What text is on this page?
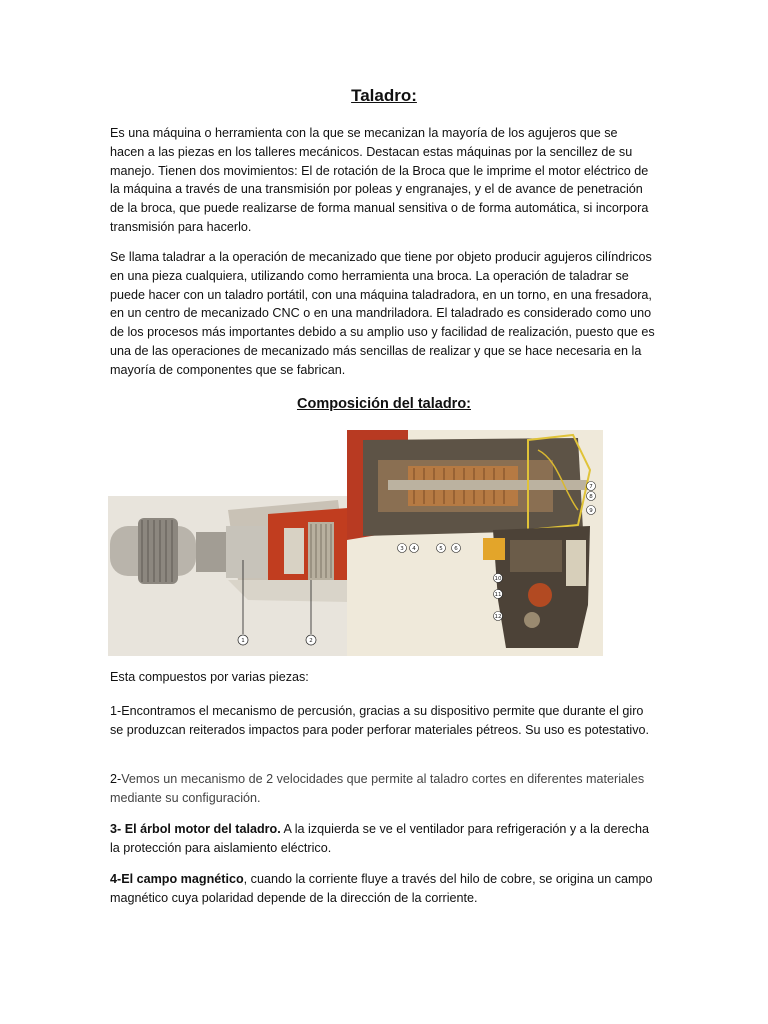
Taladro:

Es una máquina o herramienta con la que se mecanizan la mayoría de los agujeros que se hacen a las piezas en los talleres mecánicos. Destacan estas máquinas por la sencillez de su manejo. Tienen dos movimientos: El de rotación de la Broca que le imprime el motor eléctrico de la máquina a través de una transmisión por poleas y engranajes, y el de avance de penetración de la broca, que puede realizarse de forma manual sensitiva o de forma automática, si incorpora transmisión para hacerlo.

Se llama taladrar a la operación de mecanizado que tiene por objeto producir agujeros cilíndricos en una pieza cualquiera, utilizando como herramienta una broca. La operación de taladrar se puede hacer con un taladro portátil, con una máquina taladradora, en un torno, en una fresadora, en un centro de mecanizado CNC o en una mandriladora. El taladrado es considerado como uno de los procesos más importantes debido a su amplio uso y facilidad de realización, puesto que es una de las operaciones de mecanizado más sencillas de realizar y que se hace necesaria en la mayoría de componentes que se fabrican.

Composición del taladro:
1	2
3 4	5 6
7
8
9
10
11
12

Esta compuestos por varias piezas:

1-Encontramos el mecanismo de percusión, gracias a su dispositivo permite que durante el giro se produzcan reiterados impactos para poder perforar materiales pétreos. Su uso es potestativo.

2-Vemos un mecanismo de 2 velocidades que permite al taladro cortes en diferentes materiales mediante su configuración.

3- El árbol motor del taladro. A la izquierda se ve el ventilador para refrigeración y a la derecha la protección para aislamiento eléctrico.

4-El campo magnético, cuando la corriente fluye a través del hilo de cobre, se origina un campo magnético cuya polaridad depende de la dirección de la corriente.
